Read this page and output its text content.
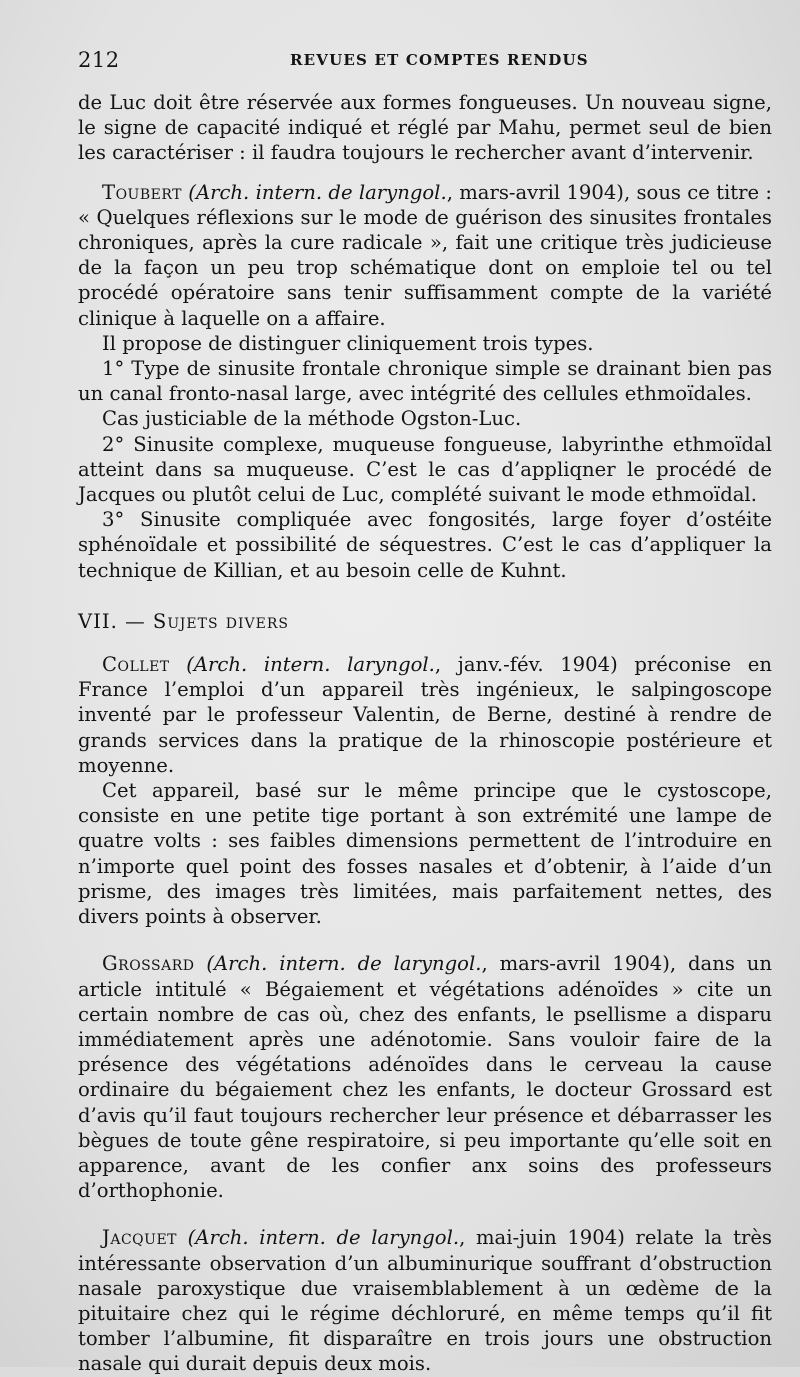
212	REVUES ET COMPTES RENDUS

de Luc doit être réservée aux formes fongueuses. Un nouveau signe, le signe de capacité indiqué et réglé par Mahu, permet seul de bien les caractériser : il faudra toujours le rechercher avant d’intervenir.

Toubert (Arch. intern. de laryngol., mars-avril 1904), sous ce titre : « Quelques réflexions sur le mode de guérison des sinusites frontales chroniques, après la cure radicale », fait une critique très judicieuse de la façon un peu trop schématique dont on emploie tel ou tel procédé opératoire sans tenir suffisamment compte de la variété clinique à laquelle on a affaire.

Il propose de distinguer cliniquement trois types.

1° Type de sinusite frontale chronique simple se drainant bien pas un canal fronto-nasal large, avec intégrité des cellules ethmoïdales.

Cas justiciable de la méthode Ogston-Luc.

2° Sinusite complexe, muqueuse fongueuse, labyrinthe ethmoïdal atteint dans sa muqueuse. C’est le cas d’appliqner le procédé de Jacques ou plutôt celui de Luc, complété suivant le mode ethmoïdal.

3° Sinusite compliquée avec fongosités, large foyer d’ostéite sphénoïdale et possibilité de séquestres. C’est le cas d’appliquer la technique de Killian, et au besoin celle de Kuhnt.

VII. — Sujets divers

Collet (Arch. intern. laryngol., janv.-fév. 1904) préconise en France l’emploi d’un appareil très ingénieux, le salpingoscope inventé par le professeur Valentin, de Berne, destiné à rendre de grands services dans la pratique de la rhinoscopie postérieure et moyenne.

Cet appareil, basé sur le même principe que le cystoscope, consiste en une petite tige portant à son extrémité une lampe de quatre volts : ses faibles dimensions permettent de l’introduire en n’importe quel point des fosses nasales et d’obtenir, à l’aide d’un prisme, des images très limitées, mais parfaitement nettes, des divers points à observer.

Grossard (Arch. intern. de laryngol., mars-avril 1904), dans un article intitulé « Bégaiement et végétations adénoïdes » cite un certain nombre de cas où, chez des enfants, le psellisme a disparu immédiatement après une adénotomie. Sans vouloir faire de la présence des végétations adénoïdes dans le cerveau la cause ordinaire du bégaiement chez les enfants, le docteur Grossard est d’avis qu’il faut toujours rechercher leur présence et débarrasser les bègues de toute gêne respiratoire, si peu importante qu’elle soit en apparence, avant de les confier anx soins des professeurs d’orthophonie.

Jacquet (Arch. intern. de laryngol., mai-juin 1904) relate la très intéressante observation d’un albuminurique souffrant d’obstruction nasale paroxystique due vraisemblablement à un œdème de la pituitaire chez qui le régime déchloruré, en même temps qu’il fit tomber l’albumine, fit disparaître en trois jours une obstruction nasale qui durait depuis deux mois.
